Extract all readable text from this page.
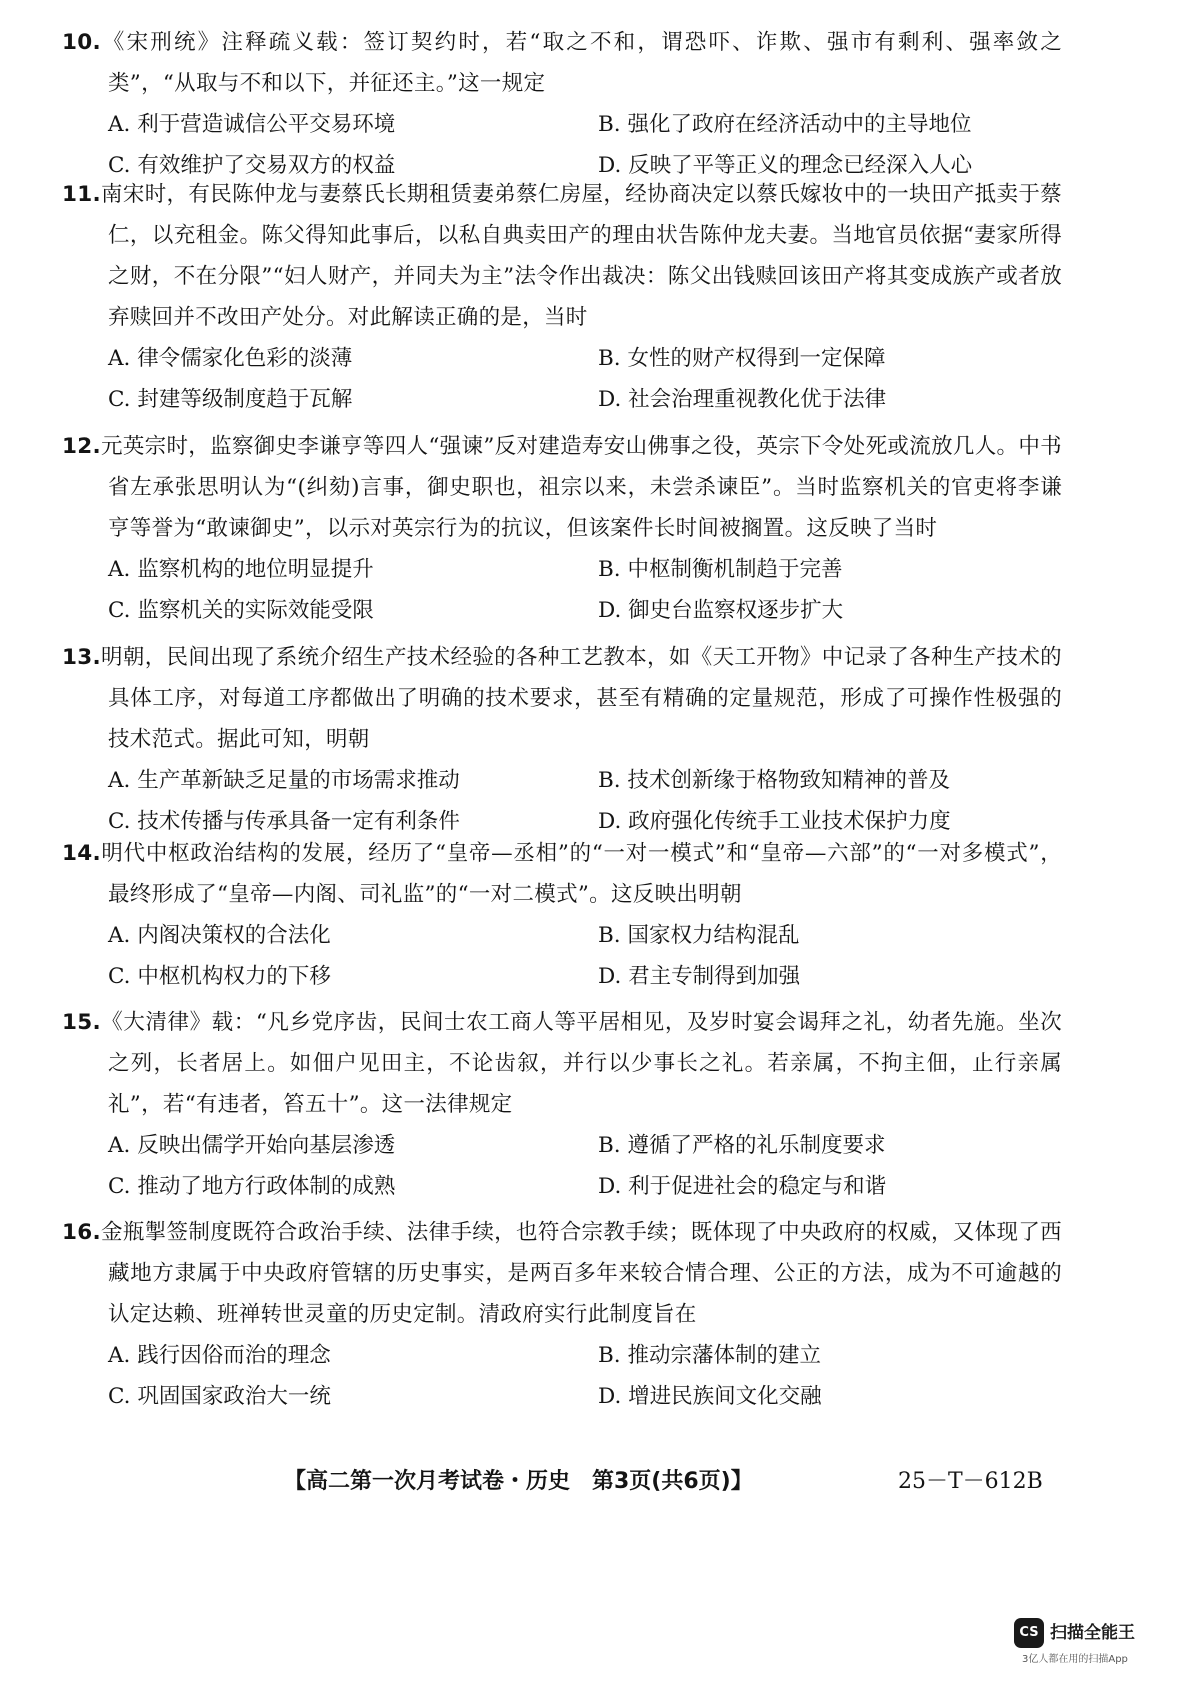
10.《宋刑统》注释疏义载：签订契约时，若“取之不和，谓恐吓、诈欺、强市有剩利、强率敛之类”，“从取与不和以下，并征还主。”这一规定
A. 利于营造诚信公平交易环境	B. 强化了政府在经济活动中的主导地位
C. 有效维护了交易双方的权益	D. 反映了平等正义的理念已经深入人心
11.南宋时，有民陈仲龙与妻蔡氏长期租赁妻弟蔡仁房屋，经协商决定以蔡氏嫁妆中的一块田产抵卖于蔡仁，以充租金。陈父得知此事后，以私自典卖田产的理由状告陈仲龙夫妻。当地官员依据“妻家所得之财，不在分限”“妇人财产，并同夫为主”法令作出裁决：陈父出钱赎回该田产将其变成族产或者放弃赎回并不改田产处分。对此解读正确的是，当时
A. 律令儒家化色彩的淡薄	B. 女性的财产权得到一定保障
C. 封建等级制度趋于瓦解	D. 社会治理重视教化优于法律
12.元英宗时，监察御史李谦亨等四人“强谏”反对建造寿安山佛事之役，英宗下令处死或流放几人。中书省左承张思明认为“(纠劾)言事，御史职也，祖宗以来，未尝杀谏臣”。当时监察机关的官吏将李谦亨等誉为“敢谏御史”，以示对英宗行为的抗议，但该案件长时间被搁置。这反映了当时
A. 监察机构的地位明显提升	B. 中枢制衡机制趋于完善
C. 监察机关的实际效能受限	D. 御史台监察权逐步扩大
13.明朝，民间出现了系统介绍生产技术经验的各种工艺教本，如《天工开物》中记录了各种生产技术的具体工序，对每道工序都做出了明确的技术要求，甚至有精确的定量规范，形成了可操作性极强的技术范式。据此可知，明朝
A. 生产革新缺乏足量的市场需求推动	B. 技术创新缘于格物致知精神的普及
C. 技术传播与传承具备一定有利条件	D. 政府强化传统手工业技术保护力度
14.明代中枢政治结构的发展，经历了“皇帝—丞相”的“一对一模式”和“皇帝—六部”的“一对多模式”，最终形成了“皇帝—内阁、司礼监”的“一对二模式”。这反映出明朝
A. 内阁决策权的合法化	B. 国家权力结构混乱
C. 中枢机构权力的下移	D. 君主专制得到加强
15.《大清律》载：“凡乡党序齿，民间士农工商人等平居相见，及岁时宴会谒拜之礼，幼者先施。坐次之列，长者居上。如佃户见田主，不论齿叙，并行以少事长之礼。若亲属，不拘主佃，止行亲属礼”，若“有违者，笞五十”。这一法律规定
A. 反映出儒学开始向基层渗透	B. 遵循了严格的礼乐制度要求
C. 推动了地方行政体制的成熟	D. 利于促进社会的稳定与和谐
16.金瓶掣签制度既符合政治手续、法律手续，也符合宗教手续；既体现了中央政府的权威，又体现了西藏地方隶属于中央政府管辖的历史事实，是两百多年来较合情合理、公正的方法，成为不可逾越的认定达赖、班禅转世灵童的历史定制。清政府实行此制度旨在
A. 践行因俗而治的理念	B. 推动宗藩体制的建立
C. 巩固国家政治大一统	D. 增进民族间文化交融
【高二第一次月考试卷・历史　第3页(共6页)】	25－T－612B
CS 扫描全能王
3亿人都在用的扫描App
